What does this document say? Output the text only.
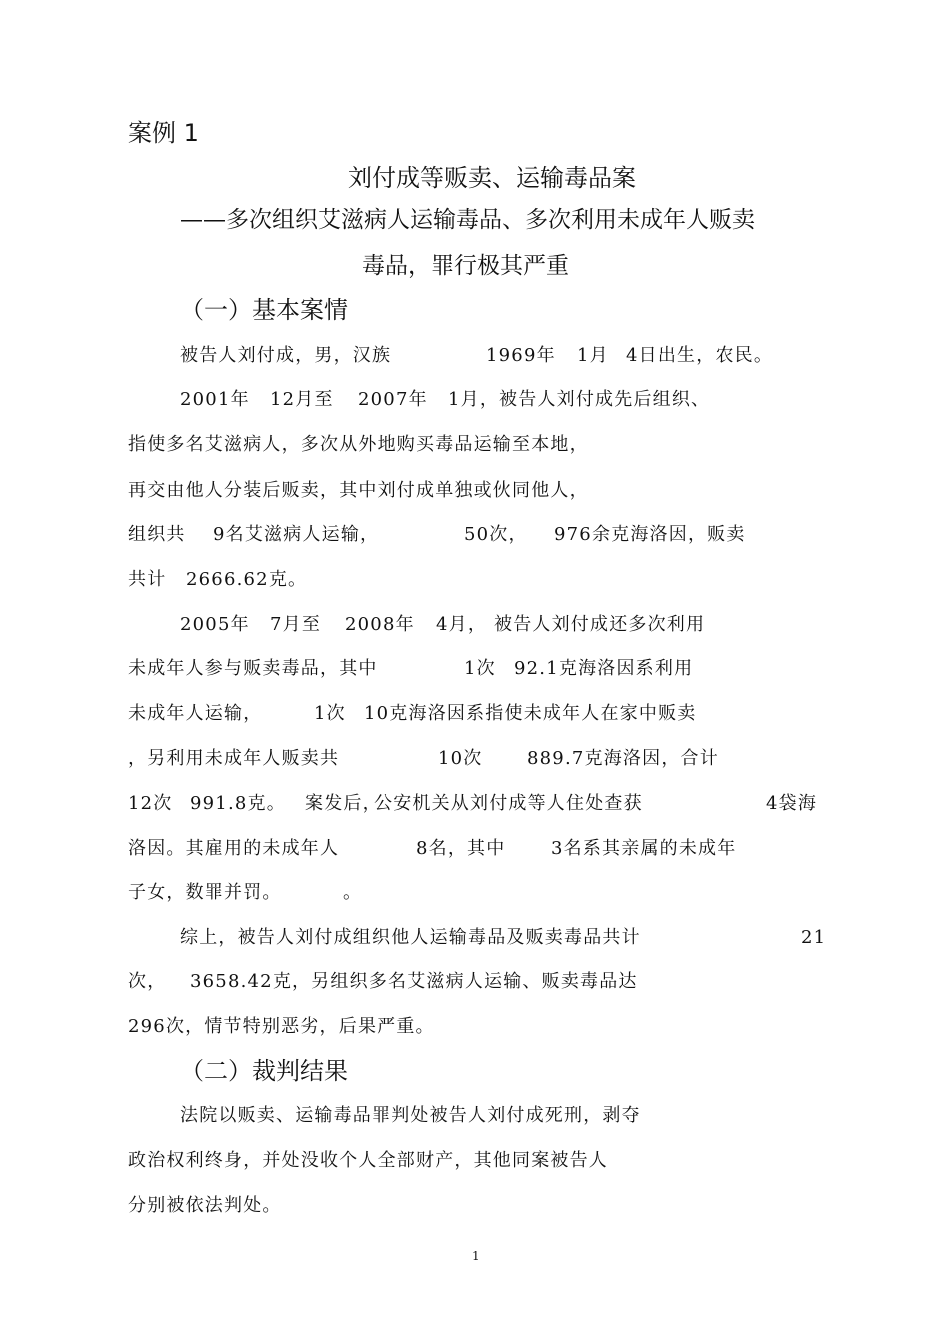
案例 1
刘付成等贩卖、运输毒品案
——多次组织艾滋病人运输毒品、多次利用未成年人贩卖
毒品，罪行极其严重
（一）基本案情
被告人刘付成，男，汉族	1969年 1月 4日出生，农民。
2001年 12月至 2007年 1月，被告人刘付成先后组织、
指使多名艾滋病人，多次从外地购买毒品运输至本地，
再交由他人分装后贩卖，其中刘付成单独或伙同他人，
组织共 9名艾滋病人运输，	50次， 976余克海洛因，贩卖
共计 2666.62克。
2005年 7月至 2008年 4月， 被告人刘付成还多次利用
未成年人参与贩卖毒品，其中	1次 92.1克海洛因系利用
未成年人运输，	1次 10克海洛因系指使未成年人在家中贩卖
，另利用未成年人贩卖共	10次 889.7克海洛因，合计
12次 991.8克。 案发后，
公安机关从刘付成等人住处查获	4袋海
洛因。其雇用的未成年人	8名，其中	3名系其亲属的未成年
子女，数罪并罚。	。
综上，被告人刘付成组织他人运输毒品及贩卖毒品共计	21
次， 3658.42克，另组织多名艾滋病人运输、贩卖毒品达
296次，情节特别恶劣，后果严重。
（二）裁判结果
法院以贩卖、运输毒品罪判处被告人刘付成死刑，剥夺
政治权利终身，并处没收个人全部财产，其他同案被告人
分别被依法判处。
1
